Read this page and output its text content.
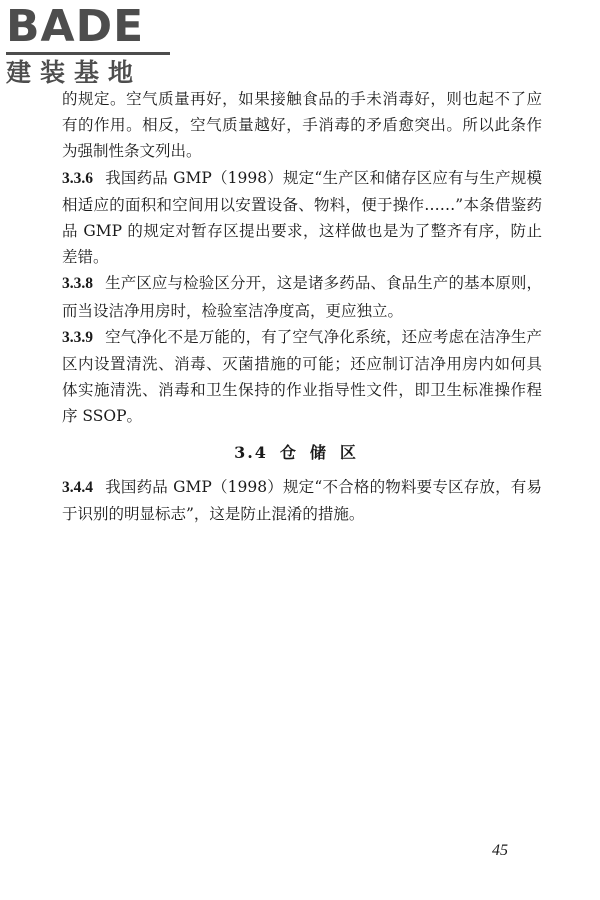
BADE
建装基地

的规定。空气质量再好，如果接触食品的手未消毒好，则也起不了应有的作用。相反，空气质量越好，手消毒的矛盾愈突出。所以此条作为强制性条文列出。

3.3.6 我国药品 GMP（1998）规定“生产区和储存区应有与生产规模相适应的面积和空间用以安置设备、物料，便于操作……”本条借鉴药品 GMP 的规定对暂存区提出要求，这样做也是为了整齐有序，防止差错。

3.3.8 生产区应与检验区分开，这是诸多药品、食品生产的基本原则，而当设洁净用房时，检验室洁净度高，更应独立。

3.3.9 空气净化不是万能的，有了空气净化系统，还应考虑在洁净生产区内设置清洗、消毒、灭菌措施的可能；还应制订洁净用房内如何具体实施清洗、消毒和卫生保持的作业指导性文件，即卫生标准操作程序 SSOP。

3.4 仓储区

3.4.4 我国药品 GMP（1998）规定“不合格的物料要专区存放，有易于识别的明显标志”，这是防止混淆的措施。

45
